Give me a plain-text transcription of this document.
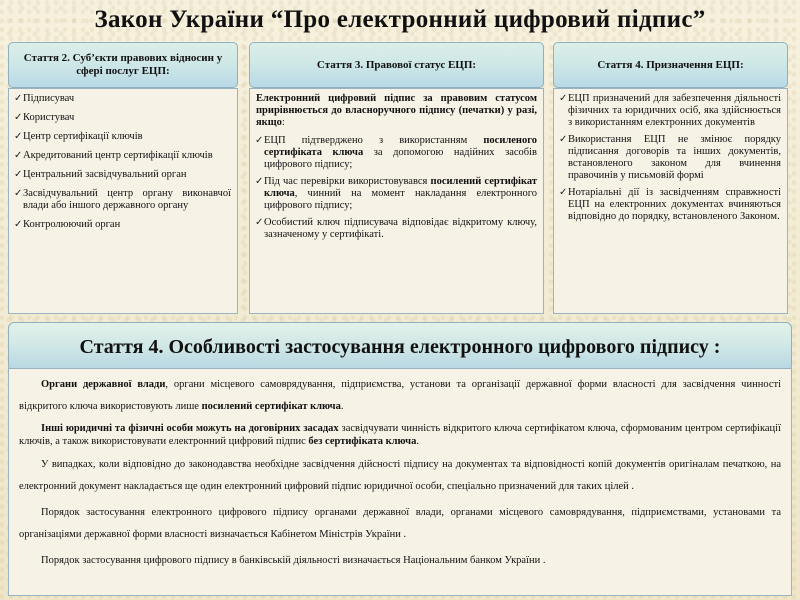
Закон України “Про електронний цифровий підпис”
Стаття 2. Суб’єкти правових відносин у сфері послуг ЕЦП:
✓ Підписувач
✓ Користувач
✓ Центр сертифікації ключів
✓ Акредитований центр сертифікації ключів
✓ Центральний засвідчувальний орган
✓ Засвідчувальний центр органу виконавчої влади або іншого державного органу
✓ Контролюючий орган
Стаття 3. Правової статус ЕЦП:

Електронний цифровий підпис за правовим статусом прирівнюється до власноручного підпису (печатки) у разі, якщо:

✓ ЕЦП підтверджено з використанням посиленого сертифіката ключа за допомогою надійних засобів цифрового підпису;
✓ Під час перевірки використовувався посилений сертифікат ключа, чинний на момент накладання електронного цифрового підпису;
✓ Особистий ключ підписувача відповідає відкритому ключу, зазначеному у сертифікаті.
Стаття 4. Призначення ЕЦП:
✓ ЕЦП призначений для забезпечення діяльності фізичних та юридичних осіб, яка здійснюється з використанням електронних документів
✓ Використання ЕЦП не змінює порядку підписання договорів та інших документів, встановленого законом для вчинення правочинів у письмовій формі
✓ Нотаріальні дії із засвідченням справжності ЕЦП на електронних документах вчиняються відповідно до порядку, встановленого Законом.
Стаття 4. Особливості застосування електронного цифрового підпису :

Органи державної влади, органи місцевого самоврядування, підприємства, установи та організації державної форми власності для засвідчення чинності відкритого ключа використовують лише посилений сертифікат ключа.

Інші юридичні та фізичні особи можуть на договірних засадах засвідчувати чинність відкритого ключа сертифікатом ключа, сформованим центром сертифікації ключів, а також використовувати електронний цифровий підпис без сертифіката ключа.

У випадках, коли відповідно до законодавства необхідне засвідчення дійсності підпису на документах та відповідності копій документів оригіналам печаткою, на електронний документ накладається ще один електронний цифровий підпис юридичної особи, спеціально призначений для таких цілей .

Порядок застосування електронного цифрового підпису органами державної влади, органами місцевого самоврядування, підприємствами, установами та організаціями державної форми власності визначається Кабінетом Міністрів України .

Порядок застосування цифрового підпису в банківській діяльності визначається Національним банком України .
